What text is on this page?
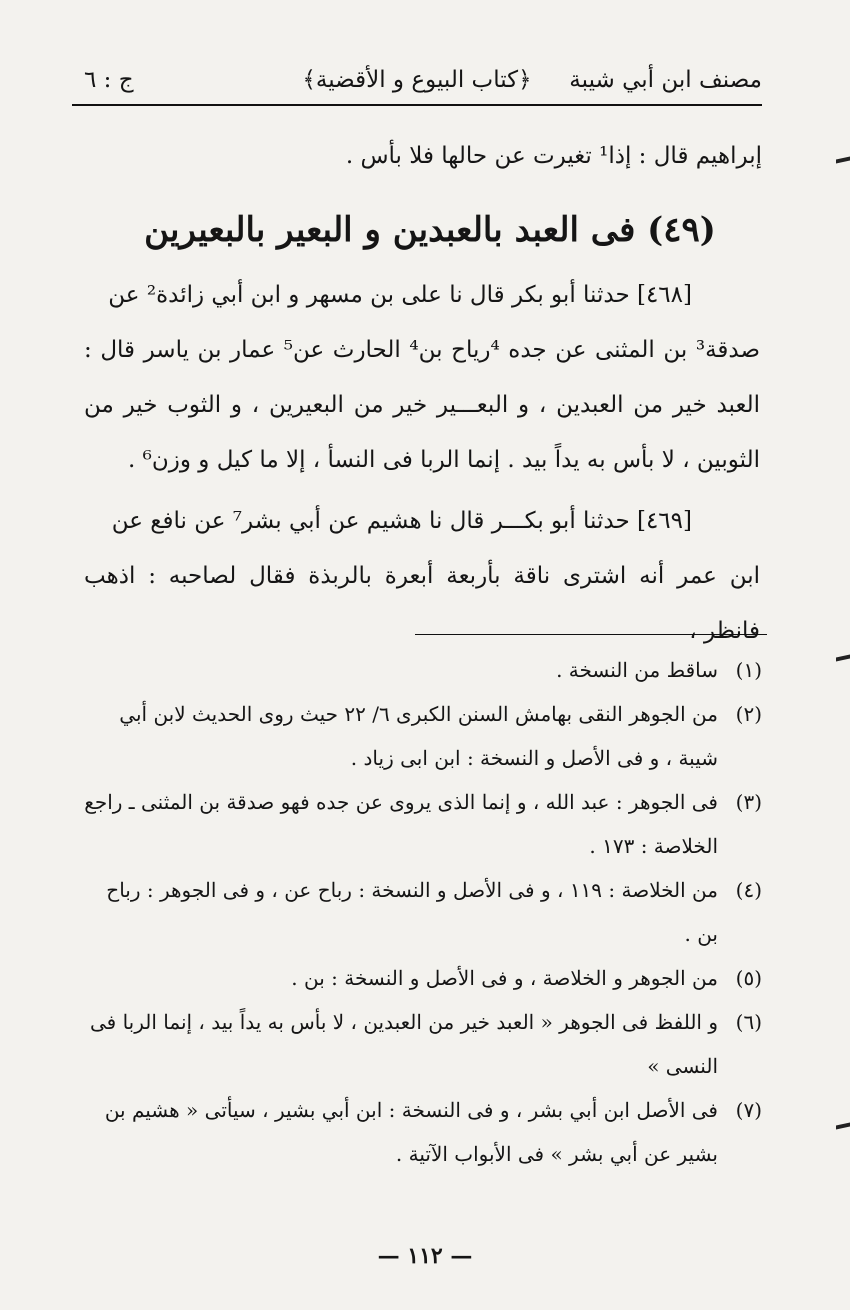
مصنف ابن أبي شيبة
﴿كتاب البيوع و الأقضية﴾
ج : ٦
إبراهيم قال : إذا¹ تغيرت عن حالها فلا بأس .
(٤٩) فى العبد بالعبدين و البعير بالبعيرين

[٤٦٨] حدثنا أبو بكر قال نا على بن مسهر و ابن أبي زائدة² عن
صدقة³ بن المثنى عن جده ⁴رياح بن⁴ الحارث عن⁵ عمار بن ياسر قال : العبد خير من العبدين ، و البعـــير خير من البعيرين ، و الثوب خير من الثوبين ، لا بأس به يداً بيد . إنما الربا فى النسأ ، إلا ما كيل و وزن⁶ .

[٤٦٩] حدثنا أبو بكـــر قال نا هشيم عن أبي بشر⁷ عن نافع عن
ابن عمر أنه اشترى ناقة بأربعة أبعرة بالربذة فقال لصاحبه : اذهب فانظر ،

(١)
ساقط من النسخة .
(٢)
من الجوهر النقى بهامش السنن الكبرى ٦/ ٢٢ حيث روى الحديث لابن أبي شيبة ، و فى الأصل و النسخة : ابن ابى زياد .
(٣)
فى الجوهر : عبد الله ، و إنما الذى يروى عن جده فهو صدقة بن المثنى ـ راجع الخلاصة : ١٧٣ .
(٤)
من الخلاصة : ١١٩ ، و فى الأصل و النسخة : رباح عن ، و فى الجوهر : رباح بن .
(٥)
من الجوهر و الخلاصة ، و فى الأصل و النسخة : بن .
(٦)
و اللفظ فى الجوهر « العبد خير من العبدين ، لا بأس به يداً بيد ، إنما الربا فى النسى »
(٧)
فى الأصل ابن أبي بشر ، و فى النسخة : ابن أبي بشير ، سيأتى « هشيم بن بشير عن أبي بشر » فى الأبواب الآتية .
— ١١٢ —
